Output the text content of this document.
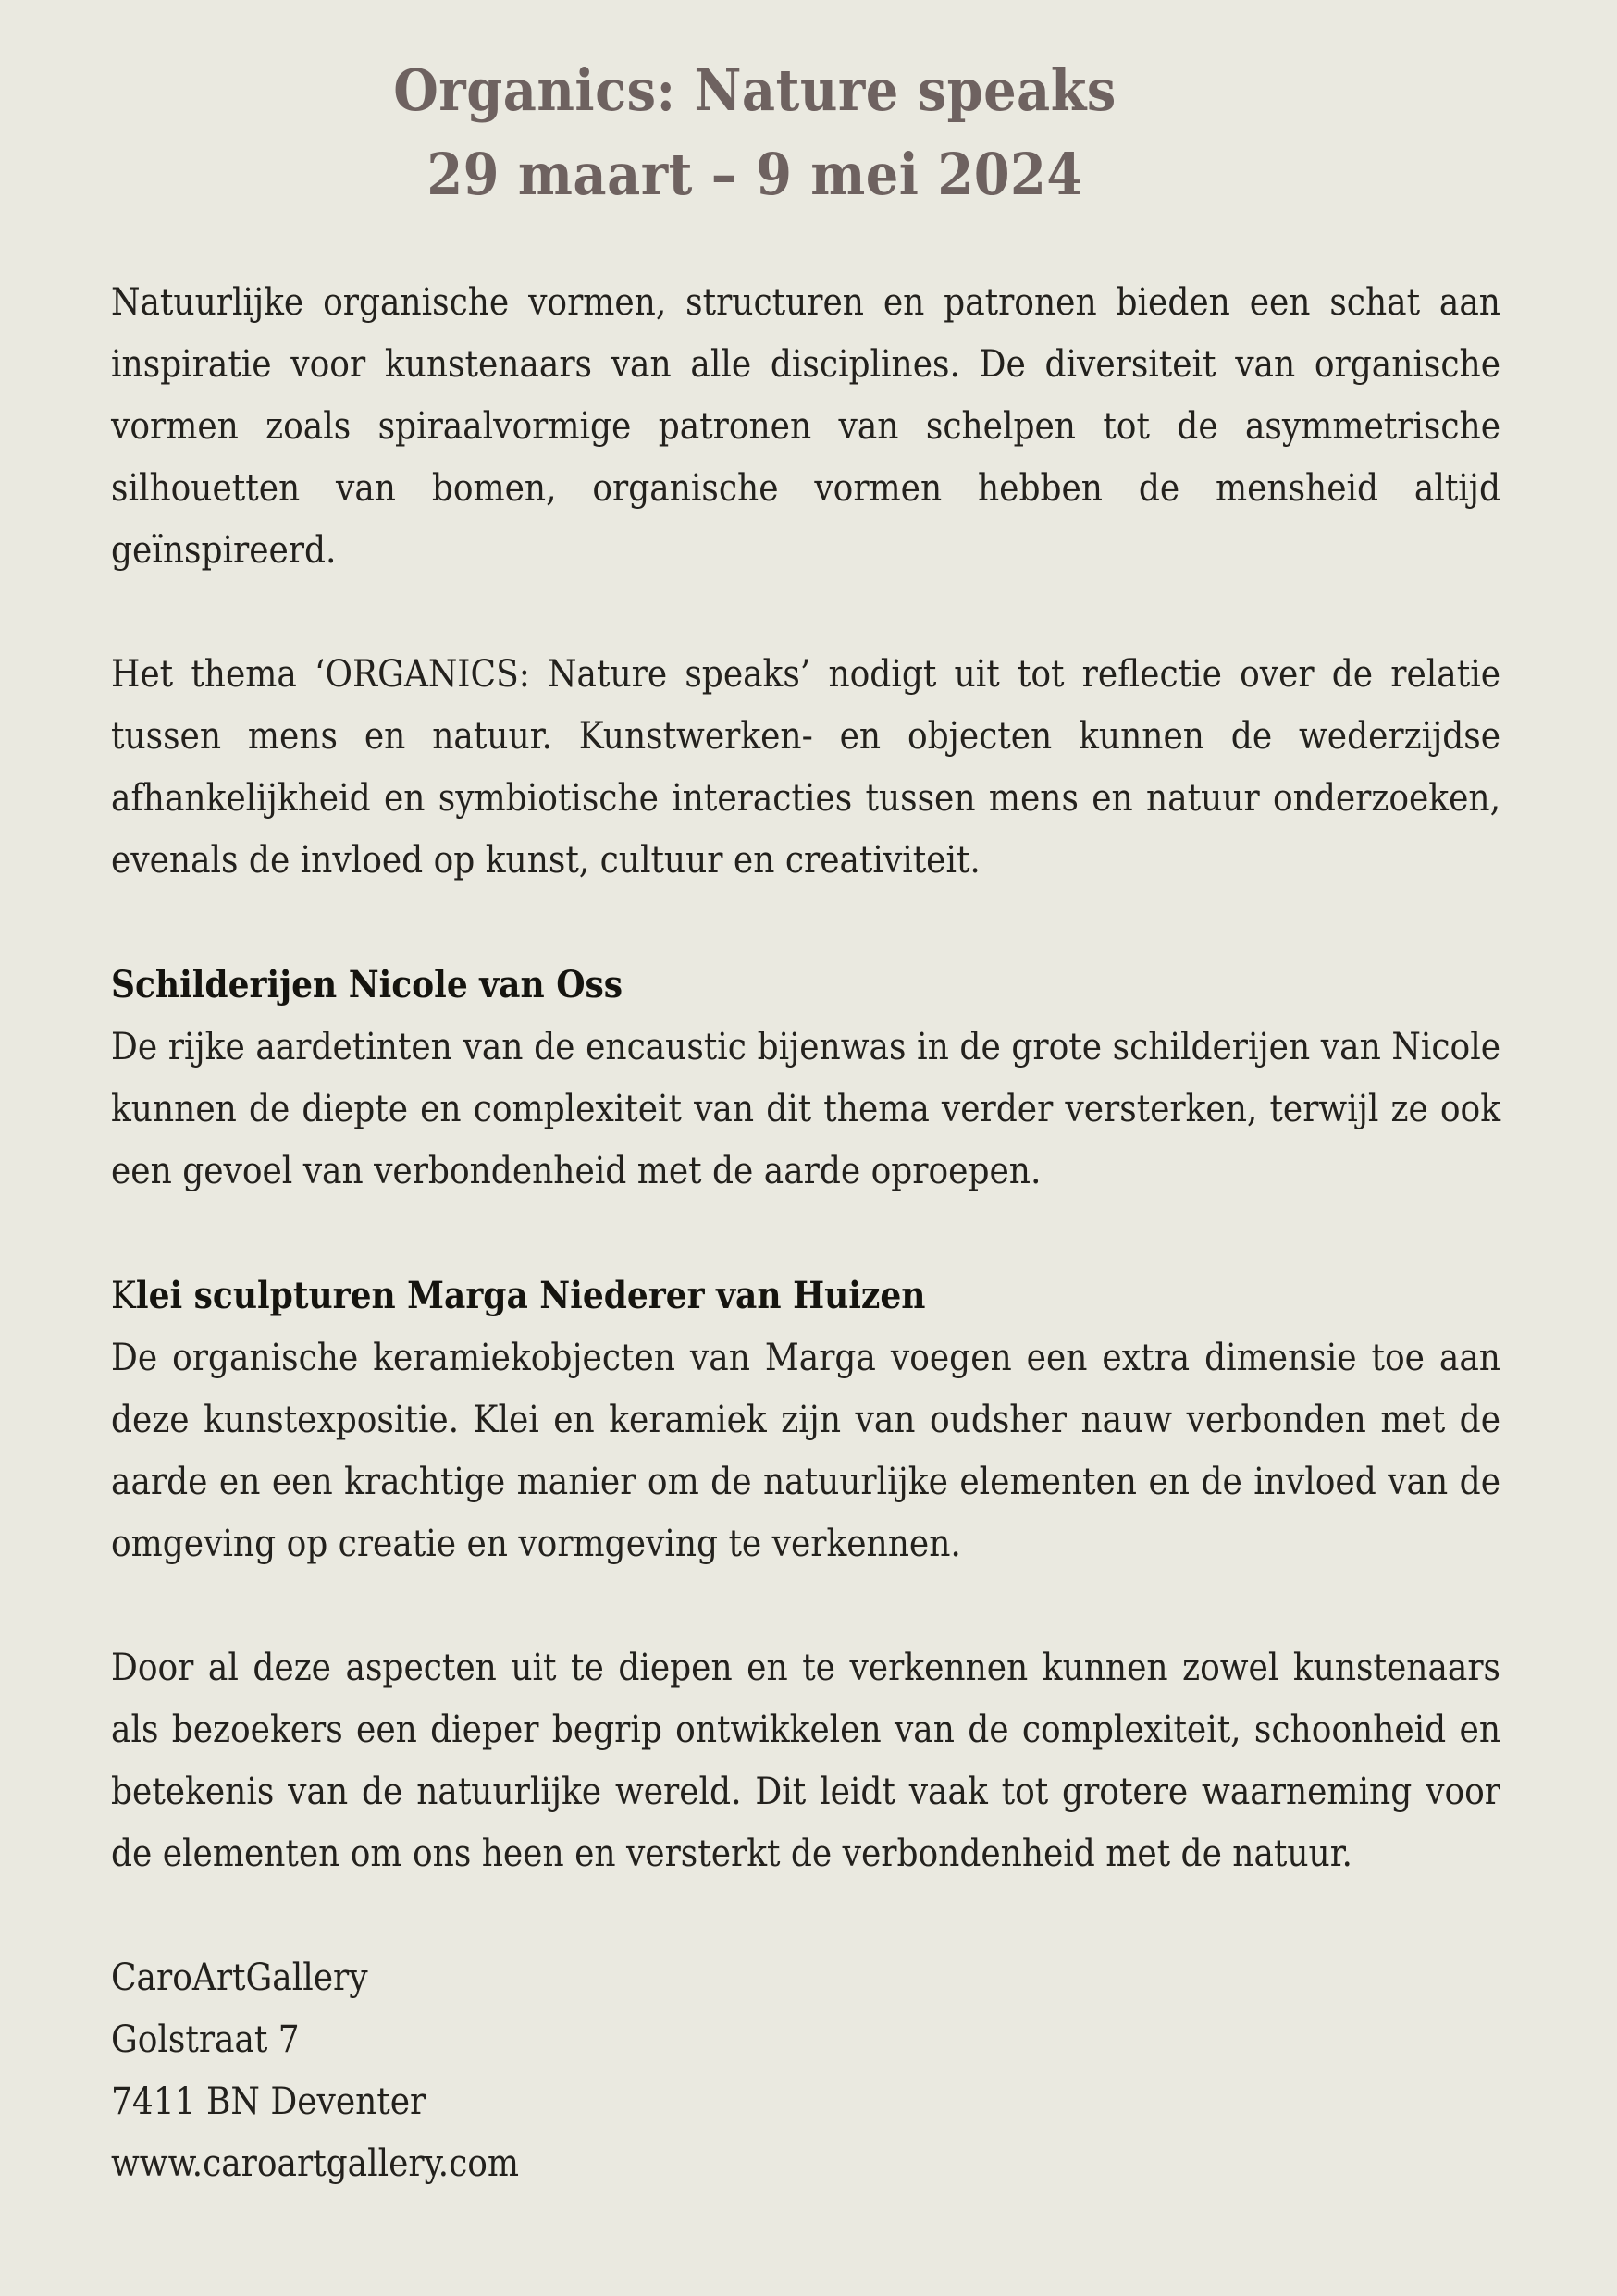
Organics: Nature speaks
29 maart – 9 mei 2024

Natuurlijke organische vormen, structuren en patronen bieden een schat aan inspiratie voor kunstenaars van alle disciplines. De diversiteit van organische vormen zoals spiraalvormige patronen van schelpen tot de asymmetrische silhouetten van bomen, organische vormen hebben de mensheid altijd geïnspireerd.

Het thema ‘ORGANICS: Nature speaks’ nodigt uit tot reflectie over de relatie tussen mens en natuur. Kunstwerken- en objecten kunnen de wederzijdse afhankelijkheid en symbiotische interacties tussen mens en natuur onderzoeken, evenals de invloed op kunst, cultuur en creativiteit.

Schilderijen Nicole van Oss

De rijke aardetinten van de encaustic bijenwas in de grote schilderijen van Nicole kunnen de diepte en complexiteit van dit thema verder versterken, terwijl ze ook een gevoel van verbondenheid met de aarde oproepen.

Klei sculpturen Marga Niederer van Huizen

De organische keramiekobjecten van Marga voegen een extra dimensie toe aan deze kunstexpositie. Klei en keramiek zijn van oudsher nauw verbonden met de aarde en een krachtige manier om de natuurlijke elementen en de invloed van de omgeving op creatie en vormgeving te verkennen.

Door al deze aspecten uit te diepen en te verkennen kunnen zowel kunstenaars als bezoekers een dieper begrip ontwikkelen van de complexiteit, schoonheid en betekenis van de natuurlijke wereld. Dit leidt vaak tot grotere waarneming voor de elementen om ons heen en versterkt de verbondenheid met de natuur.

CaroArtGallery
Golstraat 7
7411 BN Deventer
www.caroartgallery.com
